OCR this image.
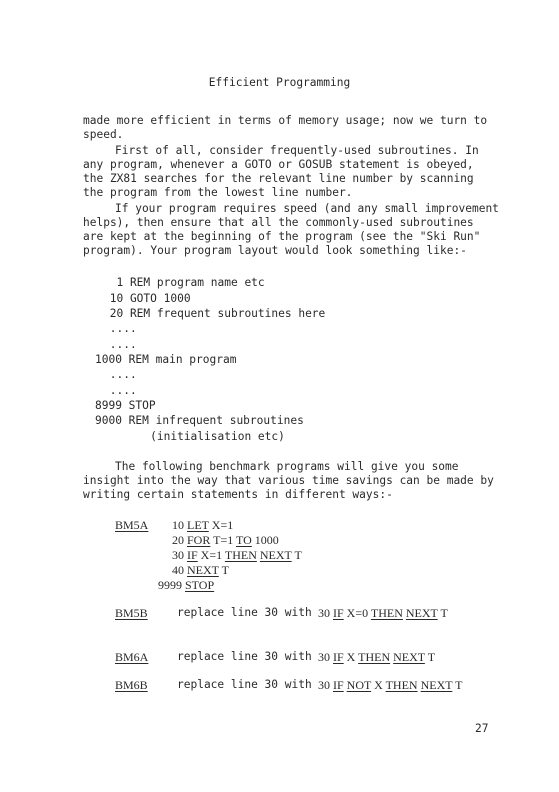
Efficient Programming
made more efficient in terms of memory usage; now we turn to speed.
First of all, consider frequently-used subroutines. In any program, whenever a GOTO or GOSUB statement is obeyed, the ZX81 searches for the relevant line number by scanning the program from the lowest line number.
If your program requires speed (and any small improvement helps), then ensure that all the commonly-used subroutines are kept at the beginning of the program (see the "Ski Run" program). Your program layout would look something like:-
1 REM program name etc
10 GOTO 1000
20 REM frequent subroutines here
....
....
1000 REM main program
....
....
8999 STOP
9000 REM infrequent subroutines
(initialisation etc)
The following benchmark programs will give you some insight into the way that various time savings can be made by writing certain statements in different ways:-
BM5A 10 LET X=1
20 FOR T=1 TO 1000
30 IF X=1 THEN NEXT T
40 NEXT T
9999 STOP
BM5B	replace line 30 with 30 IF X=0 THEN NEXT T
BM6A	replace line 30 with 30 IF X THEN NEXT T
BM6B	replace line 30 with 30 IF NOT X THEN NEXT T
27
